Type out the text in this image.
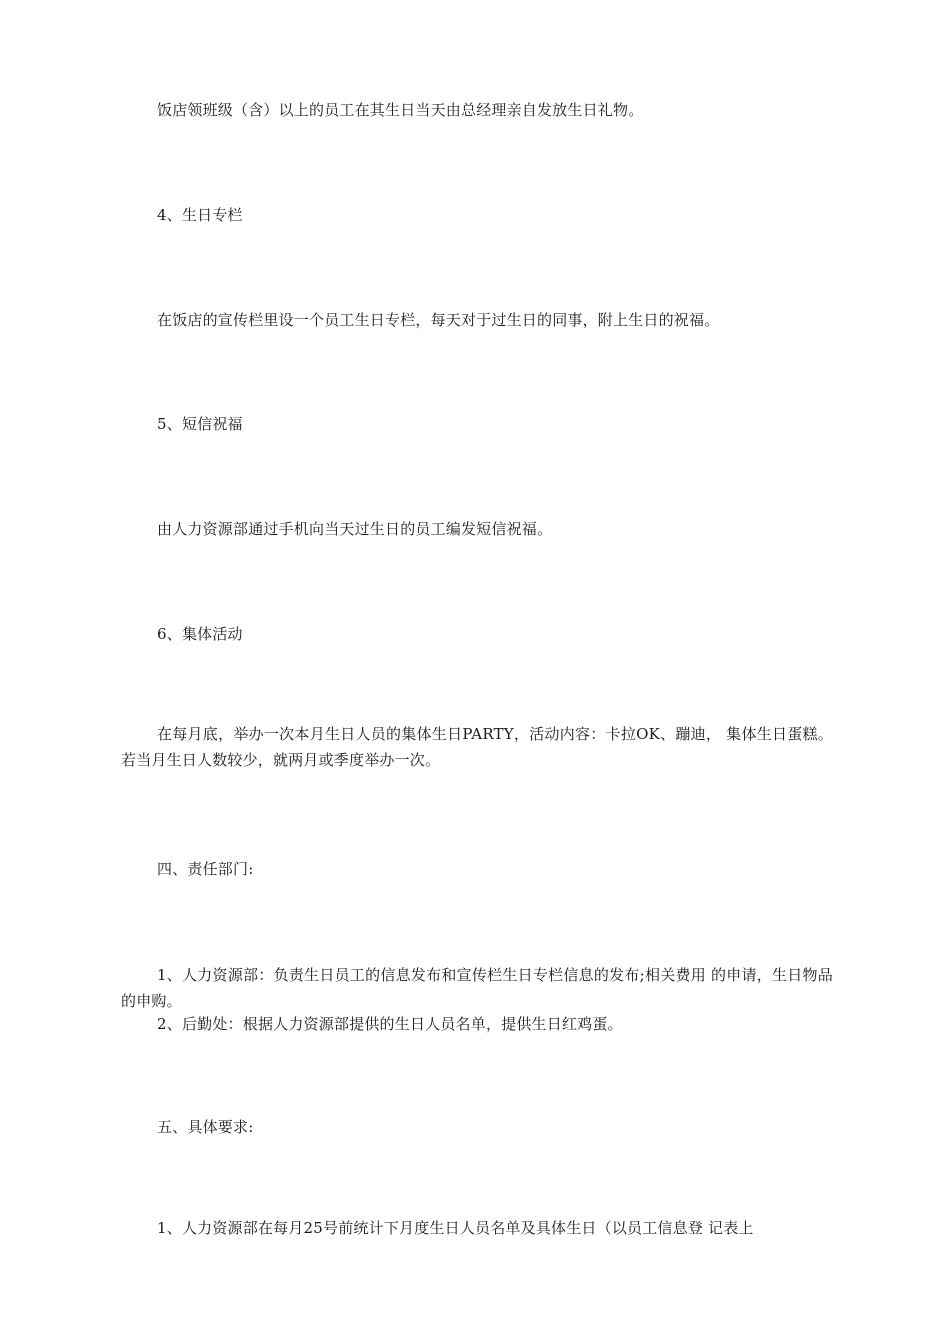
饭店领班级（含）以上的员工在其生日当天由总经理亲自发放生日礼物。
4、生日专栏
在饭店的宣传栏里设一个员工生日专栏，每天对于过生日的同事，附上生日的祝福。
5、短信祝福
由人力资源部通过手机向当天过生日的员工编发短信祝福。
6、集体活动
在每月底，举办一次本月生日人员的集体生日PARTY，活动内容：卡拉OK、蹦迪， 集体生日蛋糕。若当月生日人数较少，就两月或季度举办一次。
四、责任部门:
1、人力资源部：负责生日员工的信息发布和宣传栏生日专栏信息的发布;相关费用 的申请，生日物品的申购。
2、后勤处：根据人力资源部提供的生日人员名单，提供生日红鸡蛋。
五、具体要求:
1、人力资源部在每月25号前统计下月度生日人员名单及具体生日（以员工信息登 记表上
